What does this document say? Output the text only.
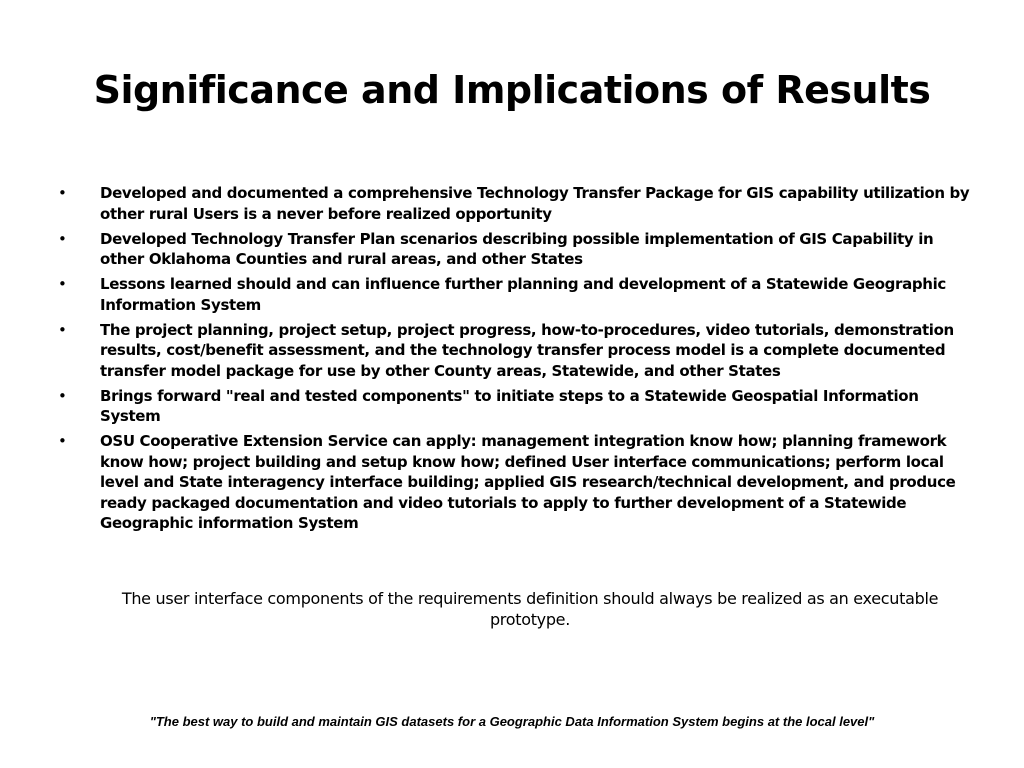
Significance and Implications of Results
• Developed and documented a comprehensive Technology Transfer Package for GIS capability utilization by other rural Users is a never before realized opportunity
• Developed Technology Transfer Plan scenarios describing possible implementation of GIS Capability in other Oklahoma Counties and rural areas, and other States
• Lessons learned should and can influence further planning and development of a Statewide Geographic Information System
• The project planning, project setup, project progress, how-to-procedures, video tutorials, demonstration results, cost/benefit assessment, and the technology transfer process model is a complete documented transfer model package for use by other County areas, Statewide, and other States
• Brings forward "real and tested components" to initiate steps to a Statewide Geospatial Information System
• OSU Cooperative Extension Service can apply: management integration know how; planning framework know how; project building and setup know how; defined User interface communications; perform local level and State interagency interface building; applied GIS research/technical development, and produce ready packaged documentation and video tutorials to apply to further development of a Statewide Geographic information System

The user interface components of the requirements definition should always be realized as an executable prototype.

"The best way to build and maintain GIS datasets for a Geographic Data Information System begins at the local level"
